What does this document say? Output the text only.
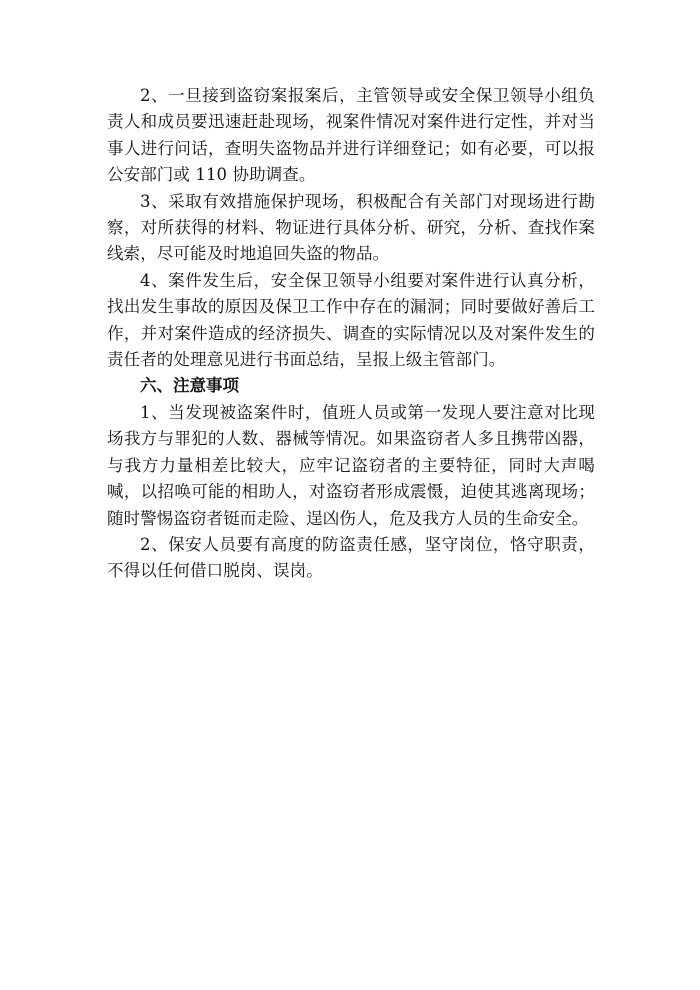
2、一旦接到盗窃案报案后，主管领导或安全保卫领导小组负责人和成员要迅速赶赴现场，视案件情况对案件进行定性，并对当事人进行问话，查明失盗物品并进行详细登记；如有必要，可以报公安部门或 110 协助调查。

3、采取有效措施保护现场，积极配合有关部门对现场进行勘察，对所获得的材料、物证进行具体分析、研究，分析、查找作案线索，尽可能及时地追回失盗的物品。

4、案件发生后，安全保卫领导小组要对案件进行认真分析，找出发生事故的原因及保卫工作中存在的漏洞；同时要做好善后工作，并对案件造成的经济损失、调查的实际情况以及对案件发生的责任者的处理意见进行书面总结，呈报上级主管部门。

六、注意事项

1、当发现被盗案件时，值班人员或第一发现人要注意对比现场我方与罪犯的人数、器械等情况。如果盗窃者人多且携带凶器，与我方力量相差比较大，应牢记盗窃者的主要特征，同时大声喝喊，以招唤可能的相助人，对盗窃者形成震慑，迫使其逃离现场；随时警惕盗窃者铤而走险、逞凶伤人，危及我方人员的生命安全。

2、保安人员要有高度的防盗责任感，坚守岗位，恪守职责，不得以任何借口脱岗、误岗。
